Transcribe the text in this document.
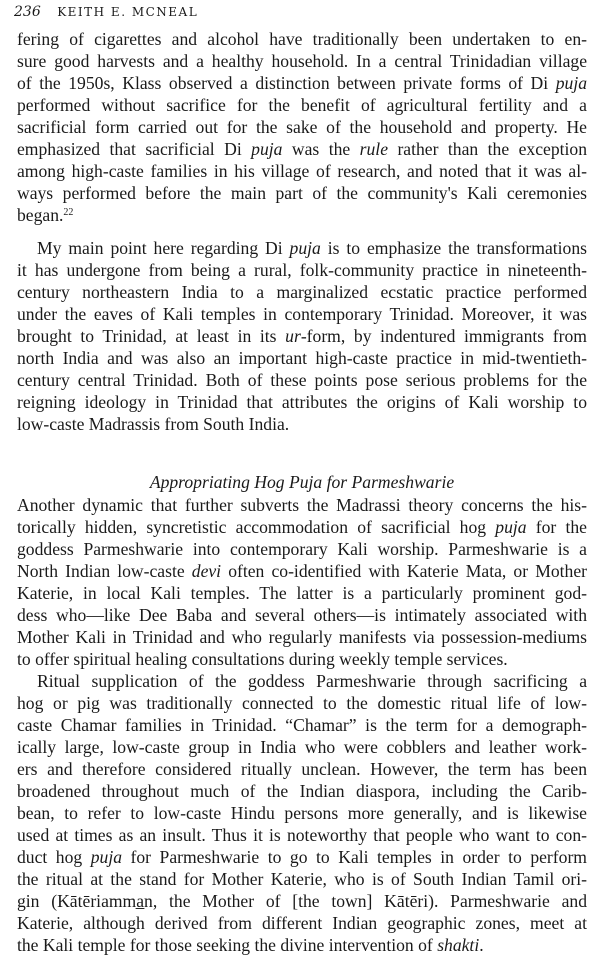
236 KEITH E. MCNEAL
fering of cigarettes and alcohol have traditionally been undertaken to en-
sure good harvests and a healthy household. In a central Trinidadian village
of the 1950s, Klass observed a distinction between private forms of Di puja
performed without sacrifice for the benefit of agricultural fertility and a
sacrificial form carried out for the sake of the household and property. He
emphasized that sacrificial Di puja was the rule rather than the exception
among high-caste families in his village of research, and noted that it was al-
ways performed before the main part of the community's Kali ceremonies
began.$^{22}$
My main point here regarding Di puja is to emphasize the transformations
it has undergone from being a rural, folk-community practice in nineteenth-
century northeastern India to a marginalized ecstatic practice performed
under the eaves of Kali temples in contemporary Trinidad. Moreover, it was
brought to Trinidad, at least in its ur-form, by indentured immigrants from
north India and was also an important high-caste practice in mid-twentieth-
century central Trinidad. Both of these points pose serious problems for the
reigning ideology in Trinidad that attributes the origins of Kali worship to
low-caste Madrassis from South India.
Appropriating Hog Puja for Parmeshwarie
Another dynamic that further subverts the Madrassi theory concerns the his-
torically hidden, syncretistic accommodation of sacrificial hog puja for the
goddess Parmeshwarie into contemporary Kali worship. Parmeshwarie is a
North Indian low-caste devi often co-identified with Katerie Mata, or Mother
Katerie, in local Kali temples. The latter is a particularly prominent god-
dess who—like Dee Baba and several others—is intimately associated with
Mother Kali in Trinidad and who regularly manifests via possession-mediums
to offer spiritual healing consultations during weekly temple services.
Ritual supplication of the goddess Parmeshwarie through sacrificing a
hog or pig was traditionally connected to the domestic ritual life of low-
caste Chamar families in Trinidad. “Chamar” is the term for a demograph-
ically large, low-caste group in India who were cobblers and leather work-
ers and therefore considered ritually unclean. However, the term has been
broadened throughout much of the Indian diaspora, including the Carib-
bean, to refer to low-caste Hindu persons more generally, and is likewise
used at times as an insult. Thus it is noteworthy that people who want to con-
duct hog puja for Parmeshwarie to go to Kali temples in order to perform
the ritual at the stand for Mother Katerie, who is of South Indian Tamil ori-
gin (Kātēriamma̲n, the Mother of [the town] Kātēri). Parmeshwarie and
Katerie, although derived from different Indian geographic zones, meet at
the Kali temple for those seeking the divine intervention of shakti.
